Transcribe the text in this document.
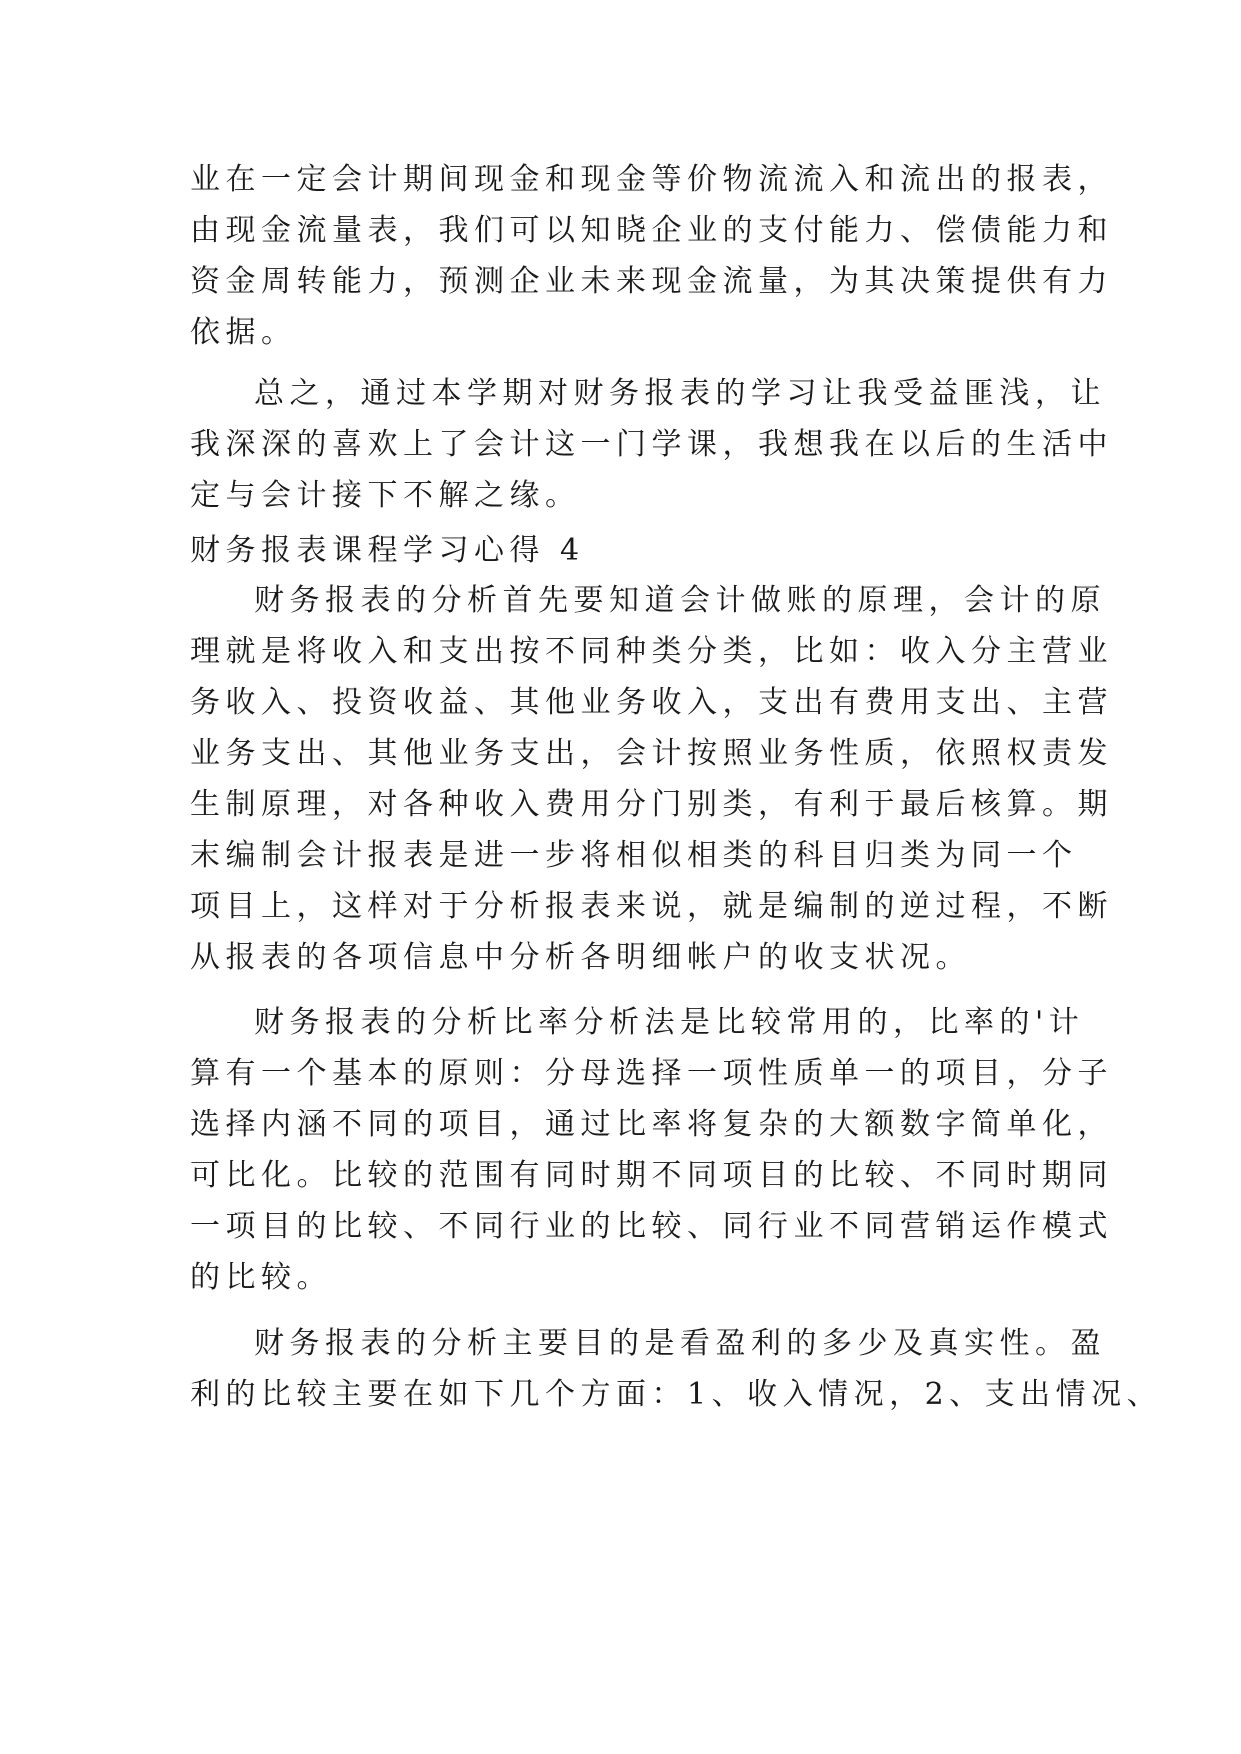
业在一定会计期间现金和现金等价物流流入和流出的报表，
由现金流量表，我们可以知晓企业的支付能力、偿债能力和
资金周转能力，预测企业未来现金流量，为其决策提供有力
依据。
总之，通过本学期对财务报表的学习让我受益匪浅，让
我深深的喜欢上了会计这一门学课，我想我在以后的生活中
定与会计接下不解之缘。
财务报表课程学习心得 4
财务报表的分析首先要知道会计做账的原理，会计的原
理就是将收入和支出按不同种类分类，比如：收入分主营业
务收入、投资收益、其他业务收入，支出有费用支出、主营
业务支出、其他业务支出，会计按照业务性质，依照权责发
生制原理，对各种收入费用分门别类，有利于最后核算。期
末编制会计报表是进一步将相似相类的科目归类为同一个
项目上，这样对于分析报表来说，就是编制的逆过程，不断
从报表的各项信息中分析各明细帐户的收支状况。
财务报表的分析比率分析法是比较常用的，比率的'计
算有一个基本的原则：分母选择一项性质单一的项目，分子
选择内涵不同的项目，通过比率将复杂的大额数字简单化，
可比化。比较的范围有同时期不同项目的比较、不同时期同
一项目的比较、不同行业的比较、同行业不同营销运作模式
的比较。
财务报表的分析主要目的是看盈利的多少及真实性。盈
利的比较主要在如下几个方面：1、收入情况，2、支出情况、
